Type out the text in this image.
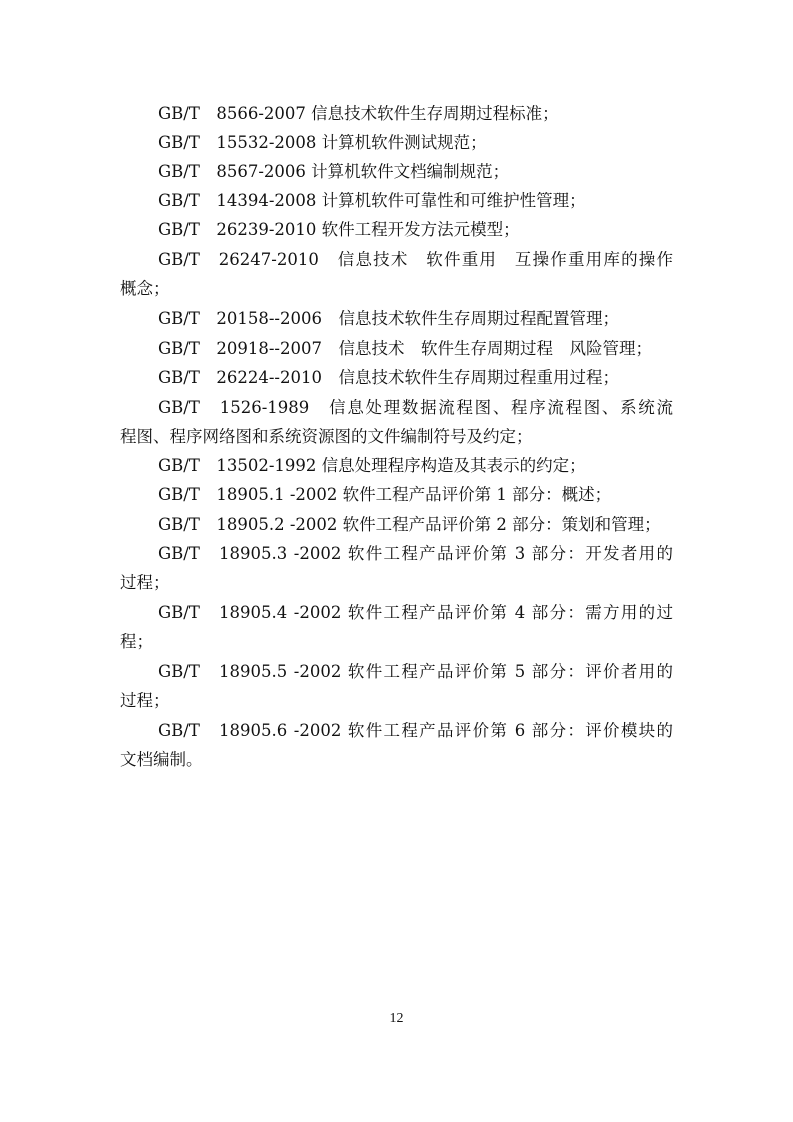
GB/T　8566-2007 信息技术软件生存周期过程标准；
GB/T　15532-2008 计算机软件测试规范；
GB/T　8567-2006 计算机软件文档编制规范；
GB/T　14394-2008 计算机软件可靠性和可维护性管理；
GB/T　26239-2010 软件工程开发方法元模型；
GB/T　26247-2010　信息技术　软件重用　互操作重用库的操作
概念；
GB/T　20158--2006　信息技术软件生存周期过程配置管理；
GB/T　20918--2007　信息技术　软件生存周期过程　风险管理；
GB/T　26224--2010　信息技术软件生存周期过程重用过程；
GB/T　1526-1989　信息处理数据流程图、程序流程图、系统流
程图、程序网络图和系统资源图的文件编制符号及约定；
GB/T　13502-1992 信息处理程序构造及其表示的约定；
GB/T　18905.1 -2002 软件工程产品评价第 1 部分：概述；
GB/T　18905.2 -2002 软件工程产品评价第 2 部分：策划和管理；
GB/T　18905.3 -2002 软件工程产品评价第 3 部分：开发者用的
过程；
GB/T　18905.4 -2002 软件工程产品评价第 4 部分：需方用的过
程；
GB/T　18905.5 -2002 软件工程产品评价第 5 部分：评价者用的
过程；
GB/T　18905.6 -2002 软件工程产品评价第 6 部分：评价模块的
文档编制。
12
